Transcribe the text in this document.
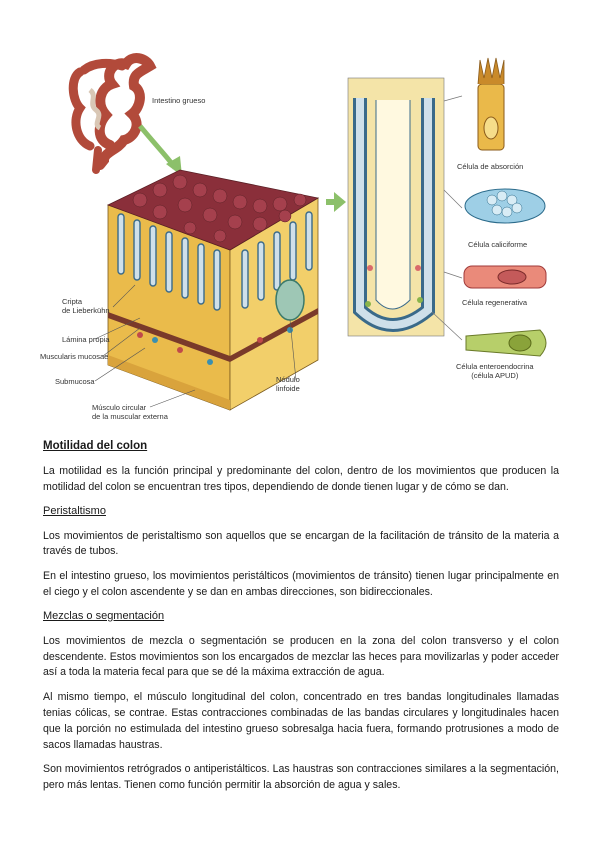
Intestino grueso
Cripta
de Lieberkühn
Lámina propia
Muscularis mucosae
Submucosa
Músculo circular
de la muscular externa
Nódulo
linfoide
Célula de absorción
Célula caliciforme
Célula regenerativa
Célula enteroendocrina
(célula APUD)
Motilidad del colon
La motilidad es la función principal y predominante del colon, dentro de los movimientos que producen la motilidad del colon se encuentran tres tipos, dependiendo de donde tienen lugar y de cómo se dan.
Peristaltismo
Los movimientos de peristaltismo son aquellos que se encargan de la facilitación de tránsito de la materia a través de tubos.
En el intestino grueso, los movimientos peristálticos (movimientos de tránsito) tienen lugar principalmente en el ciego y el colon ascendente y se dan en ambas direcciones, son bidireccionales.
Mezclas o segmentación
Los movimientos de mezcla o segmentación se producen en la zona del colon transverso y el colon descendente. Estos movimientos son los encargados de mezclar las heces para movilizarlas y poder acceder así a toda la materia fecal para que se dé la máxima extracción de agua.
Al mismo tiempo, el músculo longitudinal del colon, concentrado en tres bandas longitudinales llamadas tenias cólicas, se contrae. Estas contracciones combinadas de las bandas circulares y longitudinales hacen que la porción no estimulada del intestino grueso sobresalga hacia fuera, formando protrusiones a modo de sacos llamadas haustras.
Son movimientos retrógrados o antiperistálticos. Las haustras son contracciones similares a la segmentación, pero más lentas. Tienen como función permitir la absorción de agua y sales.
